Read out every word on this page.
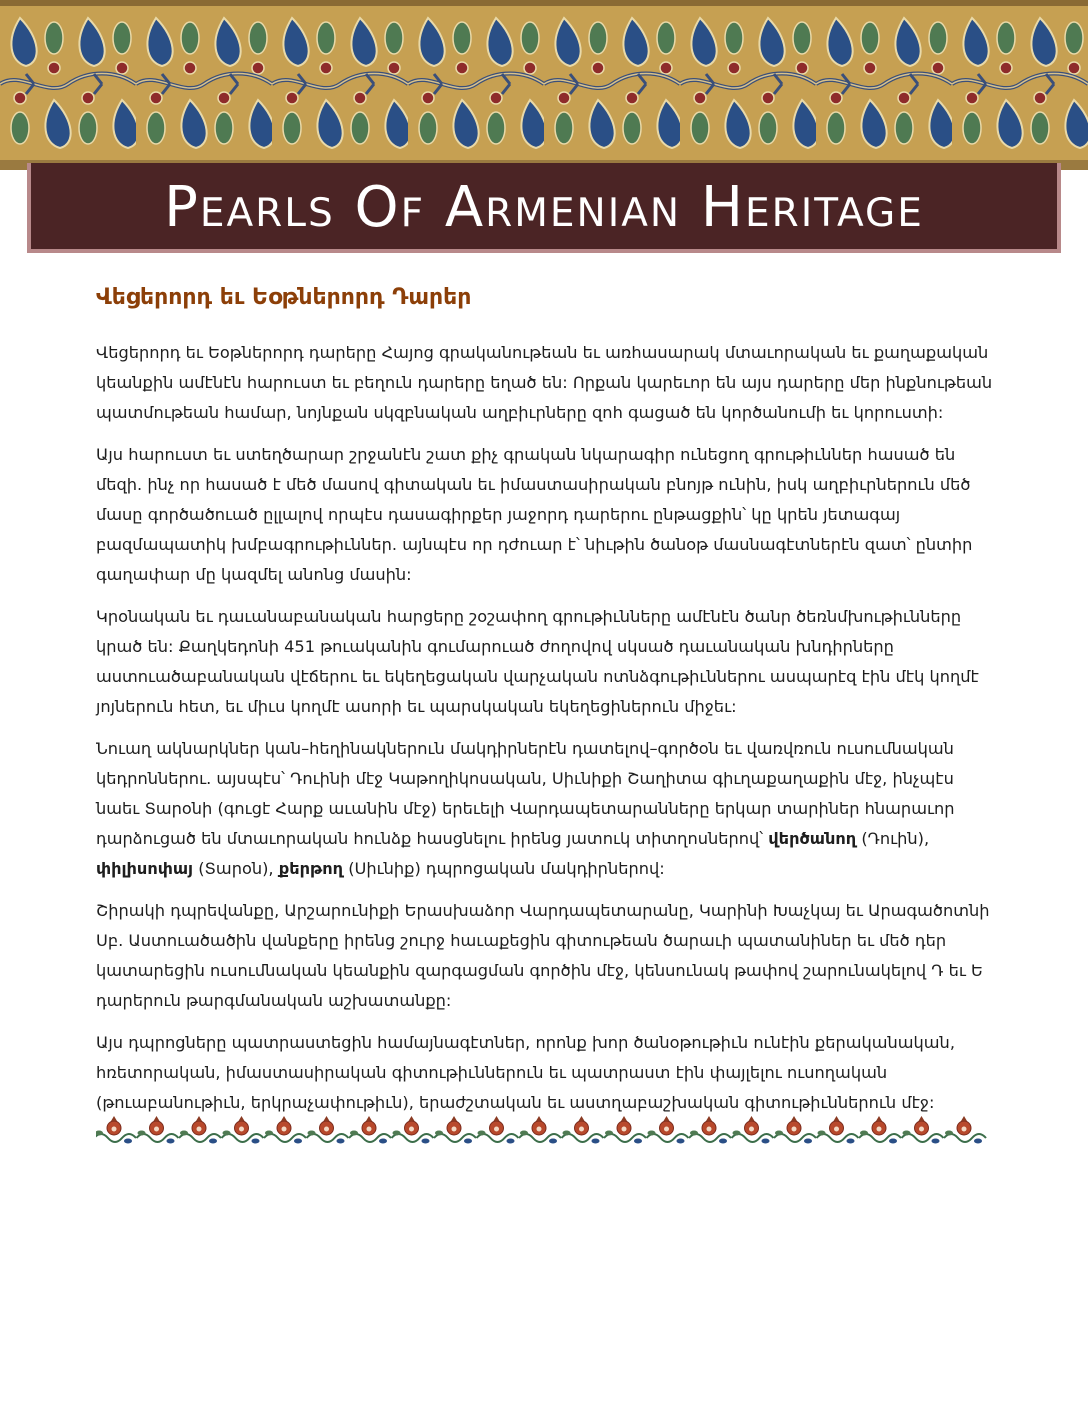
Pearls Of Armenian Heritage
Վեցերորդ եւ Եօթներորդ Դարեր

Վեցերորդ եւ Եօթներորդ դարերը Հայոց գրականութեան եւ առհասարակ մտաւորական եւ քաղաքական կեանքին ամէնէն հարուստ եւ բեղուն դարերը եղած են: Որքան կարեւոր են այս դարերը մեր ինքնութեան պատմութեան համար, նոյնքան սկզբնական աղբիւրները զոհ գացած են կործանումի եւ կորուստի:

Այս հարուստ եւ ստեղծարար շրջանէն շատ քիչ գրական նկարագիր ունեցող գրութիւններ հասած են մեզի. ինչ որ հասած է մեծ մասով գիտական եւ իմաստասիրական բնոյթ ունին, իսկ աղբիւրներուն մեծ մասը գործածուած ըլլալով որպէս դասագիրքեր յաջորդ դարերու ընթացքին՝ կը կրեն յետագայ բազմապատիկ խմբագրութիւններ. այնպէս որ դժուար է՝ նիւթին ծանօթ մասնագէտներէն զատ՝ ընտիր գաղափար մը կազմել անոնց մասին:

Կրօնական եւ դաւանաբանական հարցերը շօշափող գրութիւնները ամէնէն ծանր ծեռնմխութիւնները կրած են: Քաղկեդոնի 451 թուականին գումարուած ժողովով սկսած դաւանական խնդիրները աստուածաբանական վէճերու եւ եկեղեցական վարչական ոտնձգութիւններու ասպարէզ էին մէկ կողմէ յոյներուն հետ, եւ միւս կողմէ ասորի եւ պարսկական եկեղեցիներուն միջեւ:

Նուաղ ակնարկներ կան–հեղինակներուն մակդիրներէն դատելով–գործօն եւ վառվռուն ուսումնական կեդրոններու. այսպէս՝ Դուինի մէջ Կաթողիկոսական, Սիւնիքի Շաղիտա գիւղաքաղաքին մէջ, ինչպէս նաեւ Տարօնի (գուցէ Հարք աւանին մէջ) երեւելի Վարդապետարանները երկար տարիներ հնարաւոր դարձուցած են մտաւորական հունձք հասցնելու իրենց յատուկ տիտղոսներով՝ վերծանող (Դուին), փիլիսոփայ (Տարօն), քերթող (Սիւնիք) դպրոցական մակդիրներով:

Շիրակի դպրեվանքը, Արշարունիքի Երասխաձոր Վարդապետարանը, Կարինի Խաչկայ եւ Արագածոտնի Սբ. Աստուածածին վանքերը իրենց շուրջ հաւաքեցին գիտութեան ծարաւի պատանիներ եւ մեծ դեր կատարեցին ուսումնական կեանքին զարգացման գործին մէջ, կենսունակ թափով շարունակելով Դ եւ Ե դարերուն թարգմանական աշխատանքը:

Այս դպրոցները պատրաստեցին համայնագէտներ, որոնք խոր ծանօթութիւն ունէին քերականական, հռետորական, իմաստասիրական գիտութիւններուն եւ պատրաստ էին փայլելու ուսողական (թուաբանութիւն, երկրաչափութիւն), երաժշտական եւ աստղաբաշխական գիտութիւններուն մէջ:
